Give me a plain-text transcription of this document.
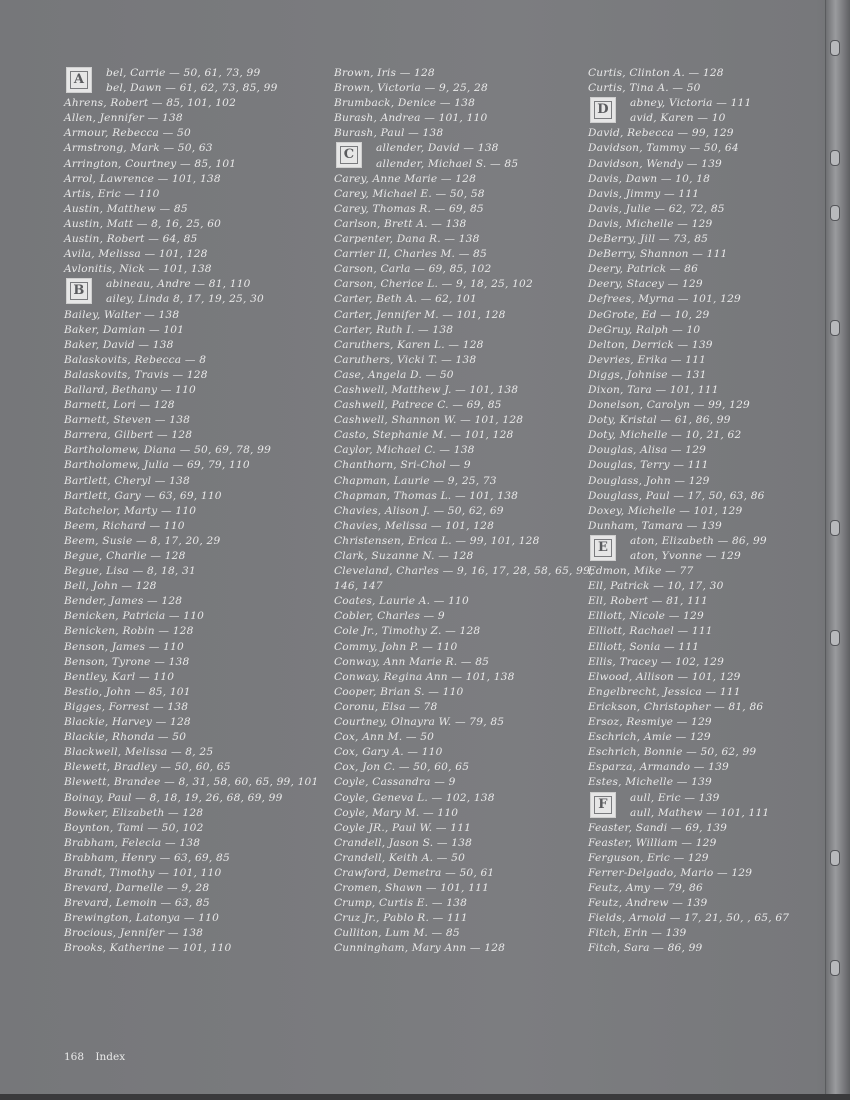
A	bel, Carrie — 50, 61, 73, 99
bel, Dawn — 61, 62, 73, 85, 99
Ahrens, Robert — 85, 101, 102
Allen, Jennifer — 138
Armour, Rebecca — 50
Armstrong, Mark — 50, 63
Arrington, Courtney — 85, 101
Arrol, Lawrence — 101, 138
Artis, Eric — 110
Austin, Matthew — 85
Austin, Matt — 8, 16, 25, 60
Austin, Robert — 64, 85
Avila, Melissa — 101, 128
Avlonitis, Nick — 101, 138
B	abineau, Andre — 81, 110
ailey, Linda 8, 17, 19, 25, 30
Bailey, Walter — 138
Baker, Damian — 101
Baker, David — 138
Balaskovits, Rebecca — 8
Balaskovits, Travis — 128
Ballard, Bethany — 110
Barnett, Lori — 128
Barnett, Steven — 138
Barrera, Gilbert — 128
Bartholomew, Diana — 50, 69, 78, 99
Bartholomew, Julia — 69, 79, 110
Bartlett, Cheryl — 138
Bartlett, Gary — 63, 69, 110
Batchelor, Marty — 110
Beem, Richard — 110
Beem, Susie — 8, 17, 20, 29
Begue, Charlie — 128
Begue, Lisa — 8, 18, 31
Bell, John — 128
Bender, James — 128
Benicken, Patricia — 110
Benicken, Robin — 128
Benson, James — 110
Benson, Tyrone — 138
Bentley, Karl — 110
Bestio, John — 85, 101
Bigges, Forrest — 138
Blackie, Harvey — 128
Blackie, Rhonda — 50
Blackwell, Melissa — 8, 25
Blewett, Bradley — 50, 60, 65
Blewett, Brandee — 8, 31, 58, 60, 65, 99, 101
Boinay, Paul — 8, 18, 19, 26, 68, 69, 99
Bowker, Elizabeth — 128
Boynton, Tami — 50, 102
Brabham, Felecia — 138
Brabham, Henry — 63, 69, 85
Brandt, Timothy — 101, 110
Brevard, Darnelle — 9, 28
Brevard, Lemoin — 63, 85
Brewington, Latonya — 110
Brocious, Jennifer — 138
Brooks, Katherine — 101, 110
Brown, Iris — 128
Brown, Victoria — 9, 25, 28
Brumback, Denice — 138
Burash, Andrea — 101, 110
Burash, Paul — 138
C	allender, David — 138
allender, Michael S. — 85
Carey, Anne Marie — 128
Carey, Michael E. — 50, 58
Carey, Thomas R. — 69, 85
Carlson, Brett A. — 138
Carpenter, Dana R. — 138
Carrier II, Charles M. — 85
Carson, Carla — 69, 85, 102
Carson, Cherice L. — 9, 18, 25, 102
Carter, Beth A. — 62, 101
Carter, Jennifer M. — 101, 128
Carter, Ruth I. — 138
Caruthers, Karen L. — 128
Caruthers, Vicki T. — 138
Case, Angela D. — 50
Cashwell, Matthew J. — 101, 138
Cashwell, Patrece C. — 69, 85
Cashwell, Shannon W. — 101, 128
Casto, Stephanie M. — 101, 128
Caylor, Michael C. — 138
Chanthorn, Sri-Chol — 9
Chapman, Laurie — 9, 25, 73
Chapman, Thomas L. — 101, 138
Chavies, Alison J. — 50, 62, 69
Chavies, Melissa — 101, 128
Christensen, Erica L. — 99, 101, 128
Clark, Suzanne N. — 128
Cleveland, Charles — 9, 16, 17, 28, 58, 65, 99,
146, 147
Coates, Laurie A. — 110
Cobler, Charles — 9
Cole Jr., Timothy Z. — 128
Commy, John P. — 110
Conway, Ann Marie R. — 85
Conway, Regina Ann — 101, 138
Cooper, Brian S. — 110
Coronu, Elsa — 78
Courtney, Olnayra W. — 79, 85
Cox, Ann M. — 50
Cox, Gary A. — 110
Cox, Jon C. — 50, 60, 65
Coyle, Cassandra — 9
Coyle, Geneva L. — 102, 138
Coyle, Mary M. — 110
Coyle JR., Paul W. — 111
Crandell, Jason S. — 138
Crandell, Keith A. — 50
Crawford, Demetra — 50, 61
Cromen, Shawn — 101, 111
Crump, Curtis E. — 138
Cruz Jr., Pablo R. — 111
Culliton, Lum M. — 85
Cunningham, Mary Ann — 128
Curtis, Clinton A. — 128
Curtis, Tina A. — 50
D	abney, Victoria — 111
avid, Karen — 10
David, Rebecca — 99, 129
Davidson, Tammy — 50, 64
Davidson, Wendy — 139
Davis, Dawn — 10, 18
Davis, Jimmy — 111
Davis, Julie — 62, 72, 85
Davis, Michelle — 129
DeBerry, Jill — 73, 85
DeBerry, Shannon — 111
Deery, Patrick — 86
Deery, Stacey — 129
Defrees, Myrna — 101, 129
DeGrote, Ed — 10, 29
DeGruy, Ralph — 10
Delton, Derrick — 139
Devries, Erika — 111
Diggs, Johnise — 131
Dixon, Tara — 101, 111
Donelson, Carolyn — 99, 129
Doty, Kristal — 61, 86, 99
Doty, Michelle — 10, 21, 62
Douglas, Alisa — 129
Douglas, Terry — 111
Douglass, John — 129
Douglass, Paul — 17, 50, 63, 86
Doxey, Michelle — 101, 129
Dunham, Tamara — 139
E	aton, Elizabeth — 86, 99
aton, Yvonne — 129
Edmon, Mike — 77
Ell, Patrick — 10, 17, 30
Ell, Robert — 81, 111
Elliott, Nicole — 129
Elliott, Rachael — 111
Elliott, Sonia — 111
Ellis, Tracey — 102, 129
Elwood, Allison — 101, 129
Engelbrecht, Jessica — 111
Erickson, Christopher — 81, 86
Ersoz, Resmiye — 129
Eschrich, Amie — 129
Eschrich, Bonnie — 50, 62, 99
Esparza, Armando — 139
Estes, Michelle — 139
F	aull, Eric — 139
aull, Mathew — 101, 111
Feaster, Sandi — 69, 139
Feaster, William — 129
Ferguson, Eric — 129
Ferrer-Delgado, Mario — 129
Feutz, Amy — 79, 86
Feutz, Andrew — 139
Fields, Arnold — 17, 21, 50, , 65, 67
Fitch, Erin — 139
Fitch, Sara — 86, 99
168 Index
